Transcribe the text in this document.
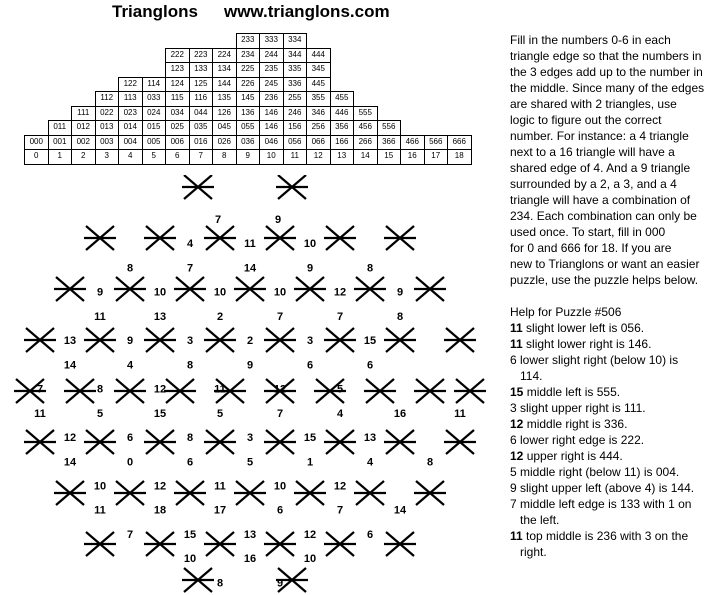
Trianglons www.trianglons.com
233	333	334
222	223	224	234	244	344	444
123	133	134	225	235	335	345
122	114	124	125	144	226	245	336	445
112	113	033	115	116	135	145	236	255	355	455
111	022	023	024	034	044	126	136	146	246	346	446	555
011	012	013	014	015	025	035	045	055	146	156	256	356	456	556
000	001	002	003	004	005	006	016	026	036	046	056	066	166	266	366	466	566	666
0	1	2	3	4	5	6	7	8	9	10	11	12	13	14	15	16	17	18
7	9
4	11	10
8	7	14	9	8
9	10	10	10	12	9
11	13	2	7	7	8
13	9	3	2	3	15
14	4	8	9	6	6
7	8	12	11	12	5
11	5	15	5	7	4	16	11
12	6	8	3	15	13
14	0	6	5	1	4	8
10	12	11	10	12
11	18	17	6	7	14
7	15	13	12	6
10	16	10
8	9

Fill in the numbers 0-6 in each

triangle edge so that the numbers in

the 3 edges add up to the number in

the middle. Since many of the edges

are shared with 2 triangles, use

logic to figure out the correct

number. For instance: a 4 triangle

next to a 16 triangle will have a

shared edge of 4. And a 9 triangle

surrounded by a 2, a 3, and a 4

triangle will have a combination of

234. Each combination can only be

used once. To start, fill in 000

for 0 and 666 for 18. If you are

new to Trianglons or want an easier

puzzle, use the puzzle helps below.

Help for Puzzle #506

11 slight lower left is 056.

11 slight lower right is 146.

6 lower slight right (below 10) is

114.

15 middle left is 555.

3 slight upper right is 111.

12 middle right is 336.

6 lower right edge is 222.

12 upper right is 444.

5 middle right (below 11) is 004.

9 slight upper left (above 4) is 144.

7 middle left edge is 133 with 1 on

the left.

11 top middle is 236 with 3 on the

right.
